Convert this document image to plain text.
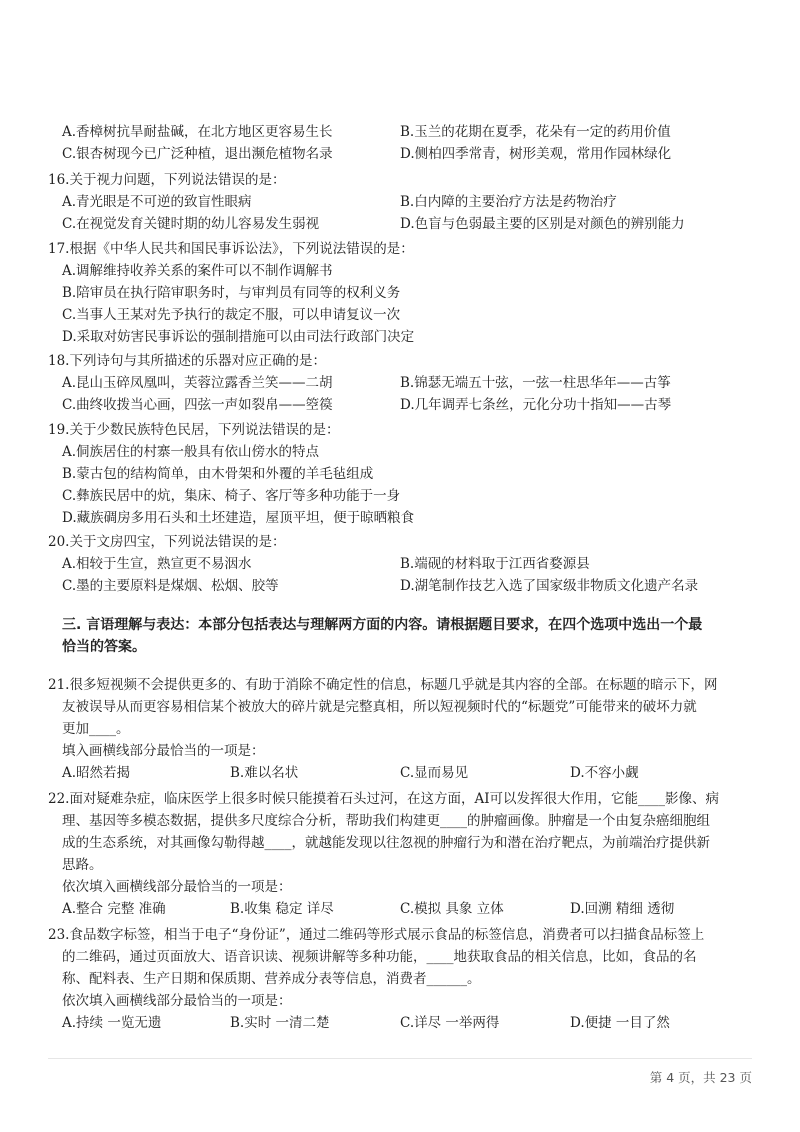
A.香樟树抗旱耐盐碱，在北方地区更容易生长	B.玉兰的花期在夏季，花朵有一定的药用价值
C.银杏树现今已广泛种植，退出濒危植物名录	D.侧柏四季常青，树形美观，常用作园林绿化
16.关于视力问题，下列说法错误的是：
A.青光眼是不可逆的致盲性眼病	B.白内障的主要治疗方法是药物治疗
C.在视觉发育关键时期的幼儿容易发生弱视	D.色盲与色弱最主要的区别是对颜色的辨别能力
17.根据《中华人民共和国民事诉讼法》，下列说法错误的是：
A.调解维持收养关系的案件可以不制作调解书
B.陪审员在执行陪审职务时，与审判员有同等的权利义务
C.当事人王某对先予执行的裁定不服，可以申请复议一次
D.采取对妨害民事诉讼的强制措施可以由司法行政部门决定
18.下列诗句与其所描述的乐器对应正确的是：
A.昆山玉碎凤凰叫，芙蓉泣露香兰笑——二胡	B.锦瑟无端五十弦，一弦一柱思华年——古筝
C.曲终收拨当心画，四弦一声如裂帛——箜篌	D.几年调弄七条丝，元化分功十指知——古琴
19.关于少数民族特色民居，下列说法错误的是：
A.侗族居住的村寨一般具有依山傍水的特点
B.蒙古包的结构简单，由木骨架和外覆的羊毛毡组成
C.彝族民居中的炕，集床、椅子、客厅等多种功能于一身
D.藏族碉房多用石头和土坯建造，屋顶平坦，便于晾晒粮食
20.关于文房四宝，下列说法错误的是：
A.相较于生宣，熟宣更不易洇水	B.端砚的材料取于江西省婺源县
C.墨的主要原料是煤烟、松烟、胶等	D.湖笔制作技艺入选了国家级非物质文化遗产名录
三. 言语理解与表达：本部分包括表达与理解两方面的内容。请根据题目要求，在四个选项中选出一个最
恰当的答案。
21.很多短视频不会提供更多的、有助于消除不确定性的信息，标题几乎就是其内容的全部。在标题的暗示下，网
友被误导从而更容易相信某个被放大的碎片就是完整真相，所以短视频时代的“标题党”可能带来的破坏力就
更加____。
填入画横线部分最恰当的一项是：
A.昭然若揭	B.难以名状	C.显而易见	D.不容小觑
22.面对疑难杂症，临床医学上很多时候只能摸着石头过河，在这方面，AI可以发挥很大作用，它能____影像、病
理、基因等多模态数据，提供多尺度综合分析，帮助我们构建更____的肿瘤画像。肿瘤是一个由复杂癌细胞组
成的生态系统，对其画像勾勒得越____，就越能发现以往忽视的肿瘤行为和潜在治疗靶点，为前端治疗提供新
思路。
依次填入画横线部分最恰当的一项是：
A.整合 完整 准确	B.收集 稳定 详尽	C.模拟 具象 立体	D.回溯 精细 透彻
23.食品数字标签，相当于电子“身份证”，通过二维码等形式展示食品的标签信息，消费者可以扫描食品标签上
的二维码，通过页面放大、语音识读、视频讲解等多种功能，____地获取食品的相关信息，比如，食品的名
称、配料表、生产日期和保质期、营养成分表等信息，消费者______。
依次填入画横线部分最恰当的一项是：
A.持续 一览无遗	B.实时 一清二楚	C.详尽 一举两得	D.便捷 一目了然
第 4 页，共 23 页
